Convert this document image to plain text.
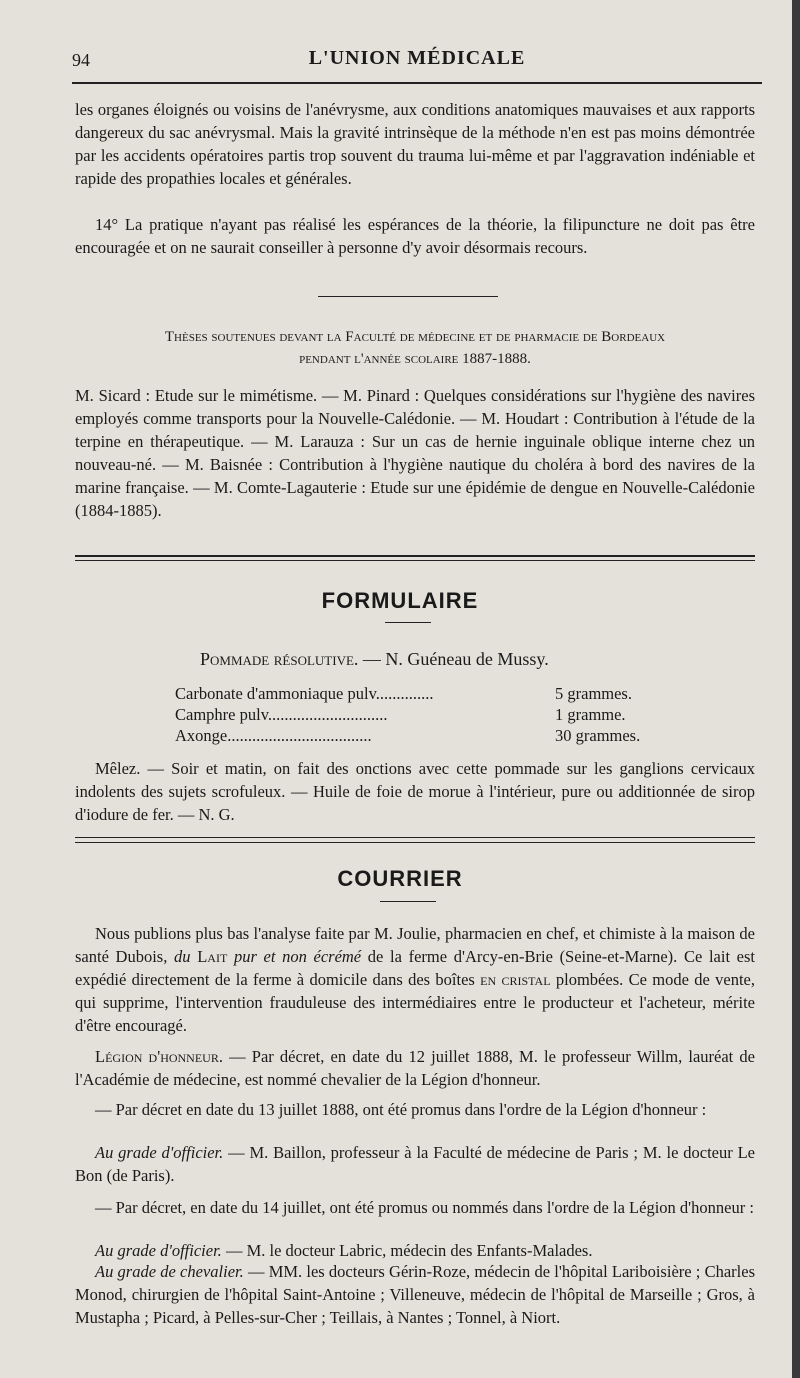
94	L'UNION MÉDICALE

les organes éloignés ou voisins de l'anévrysme, aux conditions anatomiques mauvaises et aux rapports dangereux du sac anévrysmal. Mais la gravité intrinsèque de la méthode n'en est pas moins démontrée par les accidents opératoires partis trop souvent du trauma lui-même et par l'aggravation indéniable et rapide des propathies locales et générales.

14° La pratique n'ayant pas réalisé les espérances de la théorie, la filipuncture ne doit pas être encouragée et on ne saurait conseiller à personne d'y avoir désormais recours.

Thèses soutenues devant la Faculté de médecine et de pharmacie de Bordeaux
pendant l'année scolaire 1887-1888.

M. Sicard : Etude sur le mimétisme. — M. Pinard : Quelques considérations sur l'hygiène des navires employés comme transports pour la Nouvelle-Calédonie. — M. Houdart : Contribution à l'étude de la terpine en thérapeutique. — M. Larauza : Sur un cas de hernie inguinale oblique interne chez un nouveau-né. — M. Baisnée : Contribution à l'hygiène nautique du choléra à bord des navires de la marine française. — M. Comte-Lagauterie : Etude sur une épidémie de dengue en Nouvelle-Calédonie (1884-1885).

FORMULAIRE
Pommade résolutive. — N. Guéneau de Mussy.
Carbonate d'ammoniaque pulv..............	5 grammes.
Camphre pulv.............................	1 gramme.
Axonge...................................	30 grammes.

Mêlez. — Soir et matin, on fait des onctions avec cette pommade sur les ganglions cervicaux indolents des sujets scrofuleux. — Huile de foie de morue à l'intérieur, pure ou additionnée de sirop d'iodure de fer. — N. G.

COURRIER

Nous publions plus bas l'analyse faite par M. Joulie, pharmacien en chef, et chimiste à la maison de santé Dubois, du Lait pur et non écrémé de la ferme d'Arcy-en-Brie (Seine-et-Marne). Ce lait est expédié directement de la ferme à domicile dans des boîtes en cristal plombées. Ce mode de vente, qui supprime, l'intervention frauduleuse des intermédiaires entre le producteur et l'acheteur, mérite d'être encouragé.

Légion d'honneur. — Par décret, en date du 12 juillet 1888, M. le professeur Willm, lauréat de l'Académie de médecine, est nommé chevalier de la Légion d'honneur.

— Par décret en date du 13 juillet 1888, ont été promus dans l'ordre de la Légion d'honneur :

Au grade d'officier. — M. Baillon, professeur à la Faculté de médecine de Paris ; M. le docteur Le Bon (de Paris).

— Par décret, en date du 14 juillet, ont été promus ou nommés dans l'ordre de la Légion d'honneur :

Au grade d'officier. — M. le docteur Labric, médecin des Enfants-Malades.

Au grade de chevalier. — MM. les docteurs Gérin-Roze, médecin de l'hôpital Lariboisière ; Charles Monod, chirurgien de l'hôpital Saint-Antoine ; Villeneuve, médecin de l'hôpital de Marseille ; Gros, à Mustapha ; Picard, à Pelles-sur-Cher ; Teillais, à Nantes ; Tonnel, à Niort.
